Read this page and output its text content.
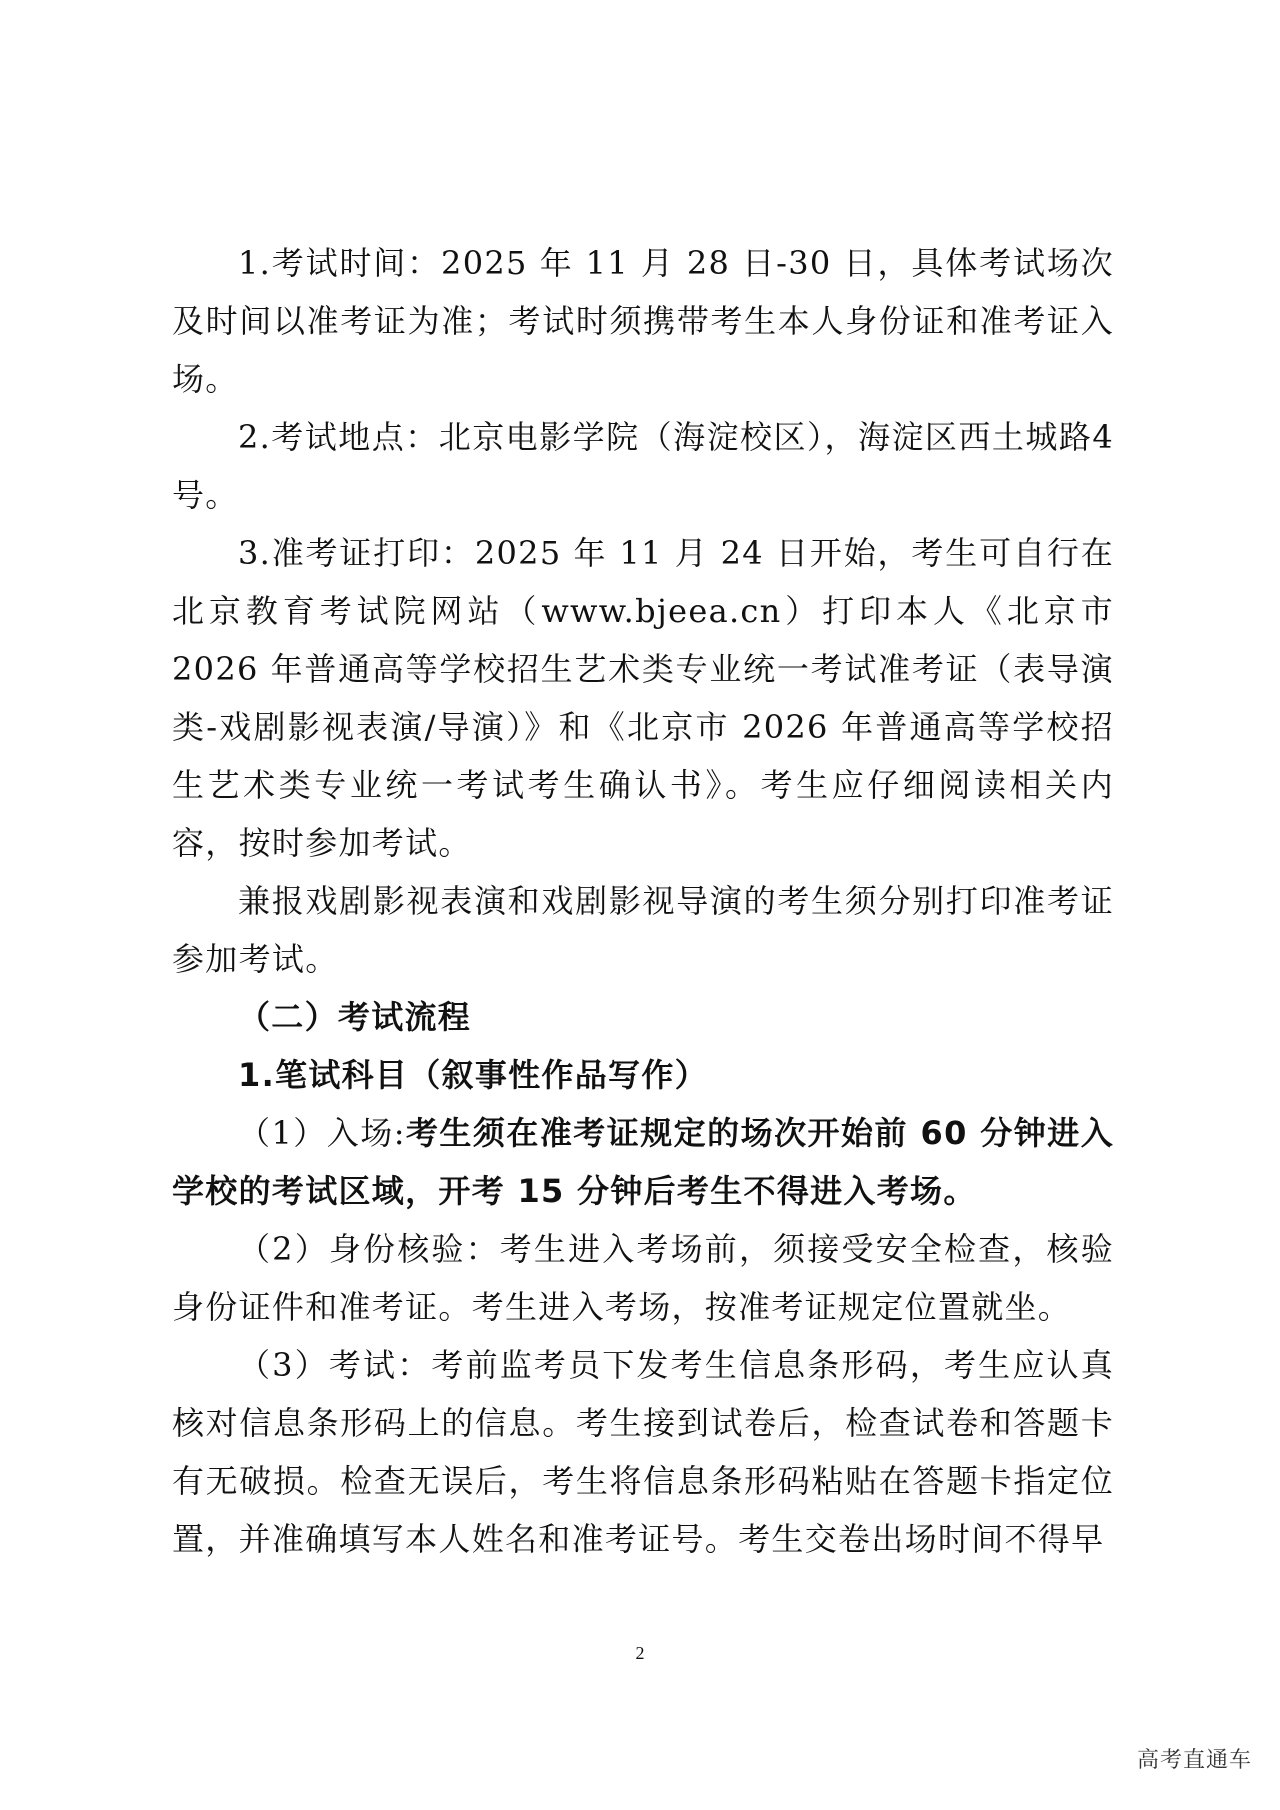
1.考试时间：2025 年 11 月 28 日-30 日，具体考试场次及时间以准考证为准；考试时须携带考生本人身份证和准考证入场。

2.考试地点：北京电影学院（海淀校区），海淀区西土城路4 号。

3.准考证打印：2025 年 11 月 24 日开始，考生可自行在北京教育考试院网站（www.bjeea.cn）打印本人《北京市 2026 年普通高等学校招生艺术类专业统一考试准考证（表导演类-戏剧影视表演/导演）》和《北京市 2026 年普通高等学校招生艺术类专业统一考试考生确认书》。考生应仔细阅读相关内容，按时参加考试。

兼报戏剧影视表演和戏剧影视导演的考生须分别打印准考证参加考试。

（二）考试流程

1.笔试科目（叙事性作品写作）

（1）入场:考生须在准考证规定的场次开始前 60 分钟进入学校的考试区域，开考 15 分钟后考生不得进入考场。

（2）身份核验：考生进入考场前，须接受安全检查，核验身份证件和准考证。考生进入考场，按准考证规定位置就坐。

（3）考试：考前监考员下发考生信息条形码，考生应认真核对信息条形码上的信息。考生接到试卷后，检查试卷和答题卡有无破损。检查无误后，考生将信息条形码粘贴在答题卡指定位置，并准确填写本人姓名和准考证号。考生交卷出场时间不得早

2
高考直通车
